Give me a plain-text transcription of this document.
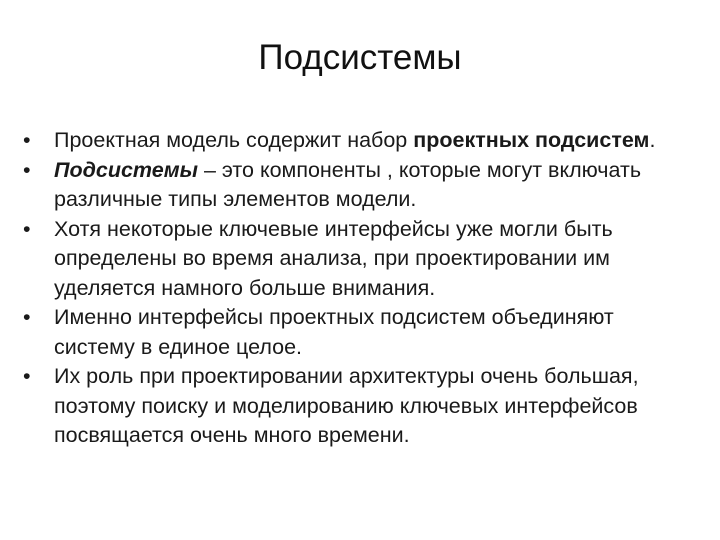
Подсистемы
•	Проектная модель содержит набор проектных подсистем.
•	Подсистемы – это компоненты , которые могут включать различные типы элементов модели.
•	Хотя некоторые ключевые интерфейсы уже могли быть определены во время анализа, при проектировании им уделяется намного больше внимания.
•	Именно интерфейсы проектных подсистем объединяют систему в единое целое.
•	Их роль при проектировании архитектуры очень большая, поэтому поиску и моделированию ключевых интерфейсов посвящается очень много времени.
